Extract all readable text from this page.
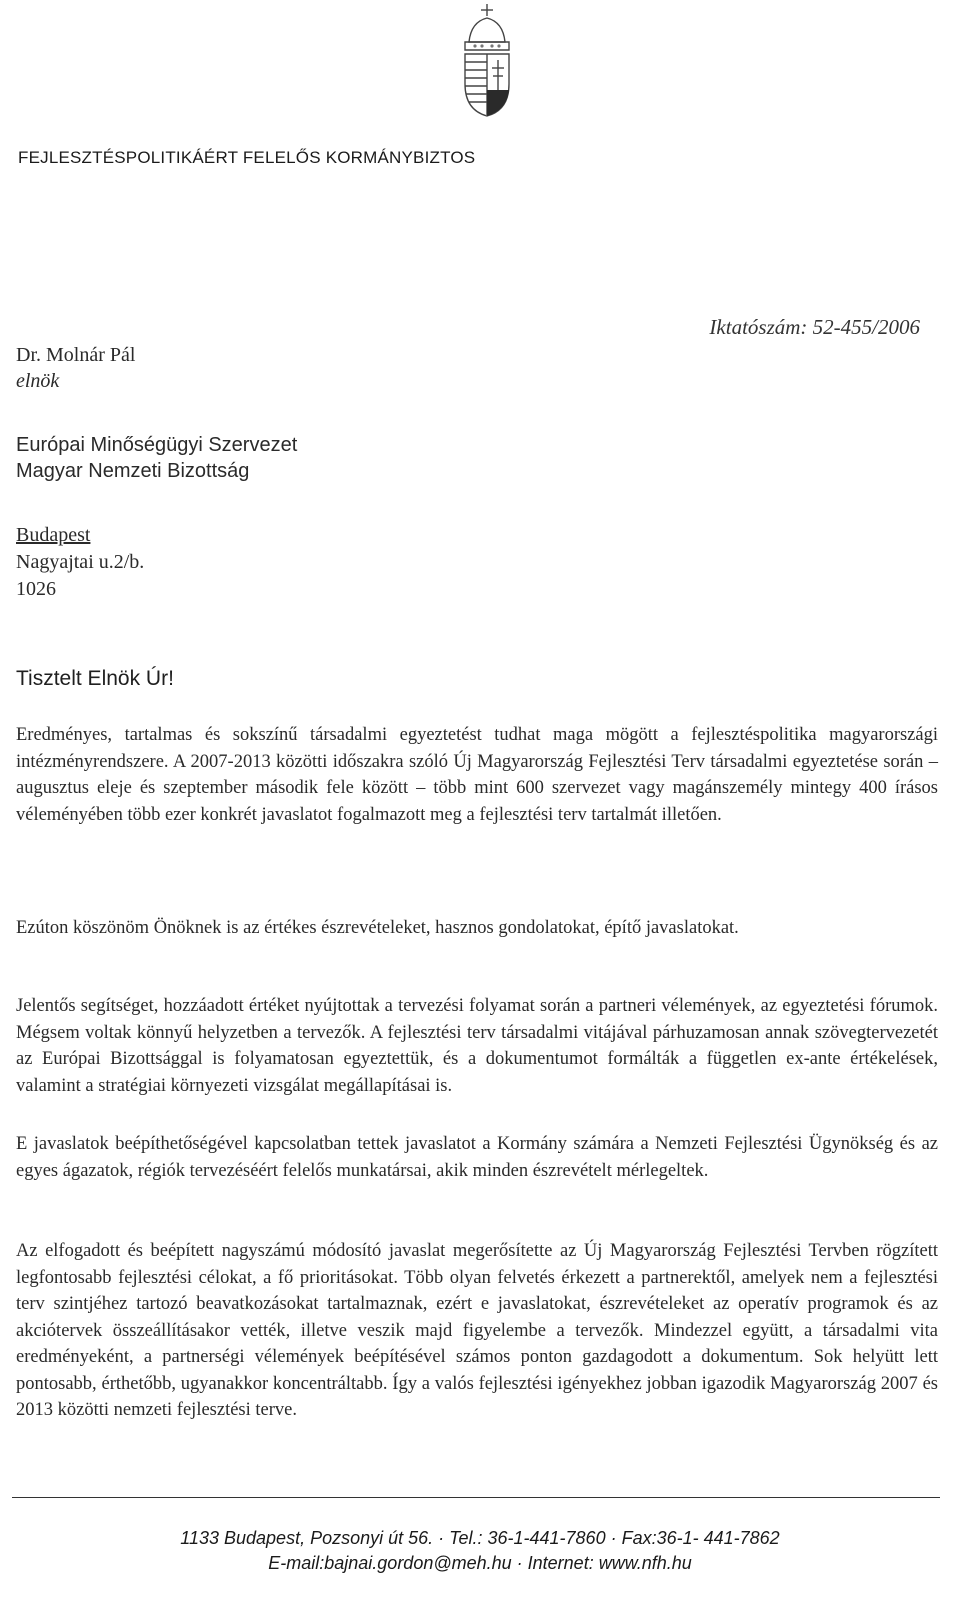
FEJLESZTÉSPOLITIKÁÉRT FELELŐS KORMÁNYBIZTOS
Iktatószám: 52-455/2006
Dr. Molnár Pál
elnök
Európai Minőségügyi Szervezet
Magyar Nemzeti Bizottság
Budapest
Nagyajtai u.2/b.
1026
Tisztelt Elnök Úr!

Eredményes, tartalmas és sokszínű társadalmi egyeztetést tudhat maga mögött a fejlesztéspolitika magyarországi intézményrendszere. A 2007-2013 közötti időszakra szóló Új Magyarország Fejlesztési Terv társadalmi egyeztetése során – augusztus eleje és szeptember második fele között – több mint 600 szervezet vagy magánszemély mintegy 400 írásos véleményében több ezer konkrét javaslatot fogalmazott meg a fejlesztési terv tartalmát illetően.

Ezúton köszönöm Önöknek is az értékes észrevételeket, hasznos gondolatokat, építő javaslatokat.

Jelentős segítséget, hozzáadott értéket nyújtottak a tervezési folyamat során a partneri vélemények, az egyeztetési fórumok. Mégsem voltak könnyű helyzetben a tervezők. A fejlesztési terv társadalmi vitájával párhuzamosan annak szövegtervezetét az Európai Bizottsággal is folyamatosan egyeztettük, és a dokumentumot formálták a független ex-ante értékelések, valamint a stratégiai környezeti vizsgálat megállapításai is.

E javaslatok beépíthetőségével kapcsolatban tettek javaslatot a Kormány számára a Nemzeti Fejlesztési Ügynökség és az egyes ágazatok, régiók tervezéséért felelős munkatársai, akik minden észrevételt mérlegeltek.

Az elfogadott és beépített nagyszámú módosító javaslat megerősítette az Új Magyarország Fejlesztési Tervben rögzített legfontosabb fejlesztési célokat, a fő prioritásokat. Több olyan felvetés érkezett a partnerektől, amelyek nem a fejlesztési terv szintjéhez tartozó beavatkozásokat tartalmaznak, ezért e javaslatokat, észrevételeket az operatív programok és az akciótervek összeállításakor vették, illetve veszik majd figyelembe a tervezők. Mindezzel együtt, a társadalmi vita eredményeként, a partnerségi vélemények beépítésével számos ponton gazdagodott a dokumentum. Sok helyütt lett pontosabb, érthetőbb, ugyanakkor koncentráltabb. Így a valós fejlesztési igényekhez jobban igazodik Magyarország 2007 és 2013 közötti nemzeti fejlesztési terve.

1133 Budapest, Pozsonyi út 56. · Tel.: 36-1-441-7860 · Fax:36-1- 441-7862
E-mail:bajnai.gordon@meh.hu · Internet: www.nfh.hu
